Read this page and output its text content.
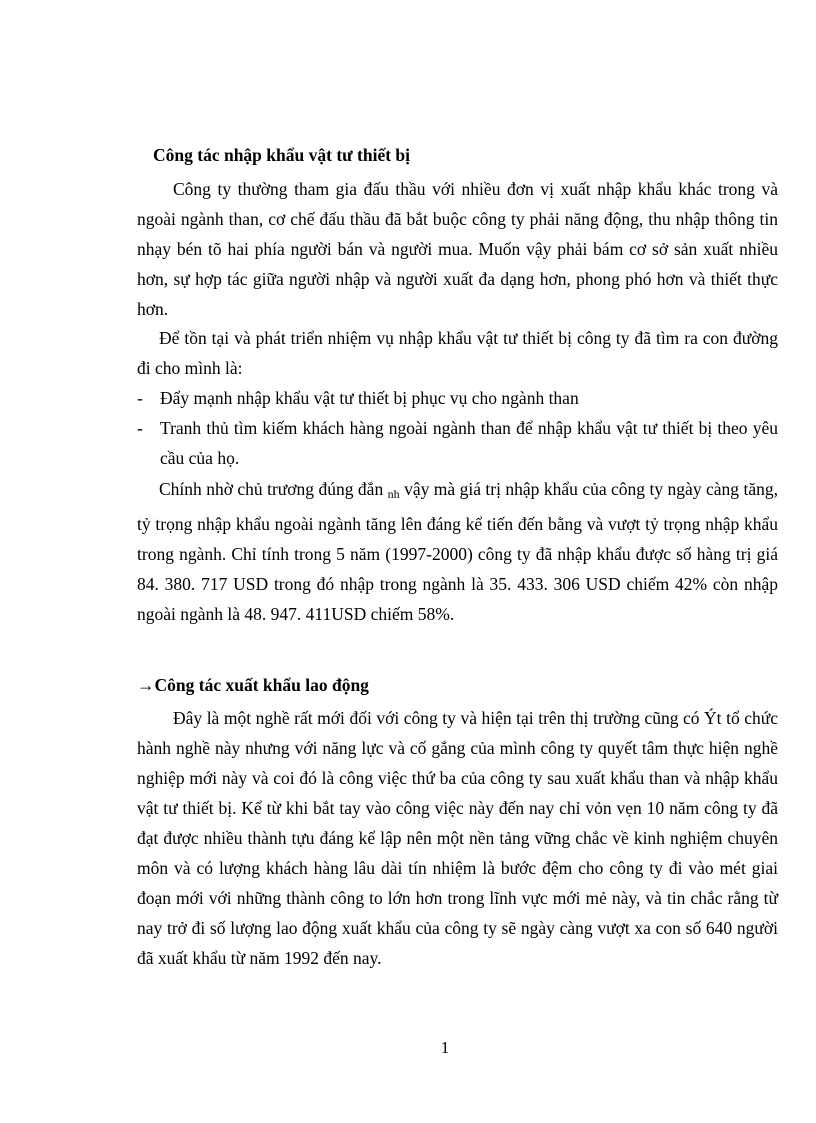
Công tác nhập khẩu vật tư thiết bị

Công ty thường tham gia đấu thầu với nhiều đơn vị xuất nhập khẩu khác trong và ngoài ngành than, cơ chế đấu thầu đã bắt buộc công ty phải năng động, thu nhập thông tin nhạy bén tõ hai phía người bán và người mua. Muốn vậy phải bám cơ sở sản xuất nhiều hơn, sự hợp tác giữa người nhập và người xuất đa dạng hơn, phong phó hơn và thiết thực hơn.

Để tồn tại và phát triển nhiệm vụ nhập khẩu vật tư thiết bị công ty đã tìm ra con đường đi cho mình là:

- Đẩy mạnh nhập khẩu vật tư thiết bị phục vụ cho ngành than
- Tranh thủ tìm kiếm khách hàng ngoài ngành than để nhập khẩu vật tư thiết bị theo yêu cầu của họ.

Chính nhờ chủ trương đúng đắn nh vậy mà giá trị nhập khẩu của công ty ngày càng tăng, tỷ trọng nhập khẩu ngoài ngành tăng lên đáng kể tiến đến bằng và vượt tỷ trọng nhập khẩu trong ngành. Chỉ tính trong 5 năm (1997-2000) công ty đã nhập khẩu được số hàng trị giá 84. 380. 717 USD trong đó nhập trong ngành là 35. 433. 306 USD chiếm 42% còn nhập ngoài ngành là 48. 947. 411USD chiếm 58%.

→Công tác xuất khẩu lao động

Đây là một nghề rất mới đối với công ty và hiện tại trên thị trường cũng có Ýt tổ chức hành nghề này nhưng với năng lực và cố gắng của mình công ty quyết tâm thực hiện nghề nghiệp mới này và coi đó là công việc thứ ba của công ty sau xuất khẩu than và nhập khẩu vật tư thiết bị. Kể từ khi bắt tay vào công việc này đến nay chỉ vỏn vẹn 10 năm công ty đã đạt được nhiều thành tựu đáng kể lập nên một nền tảng vững chắc về kinh nghiệm chuyên môn và có lượng khách hàng lâu dài tín nhiệm là bước đệm cho công ty đi vào mét giai đoạn mới với những thành công to lớn hơn trong lĩnh vực mới mẻ này, và tin chắc rằng từ nay trở đi số lượng lao động xuất khẩu của công ty sẽ ngày càng vượt xa con số 640 người đã xuất khẩu từ năm 1992 đến nay.

1
